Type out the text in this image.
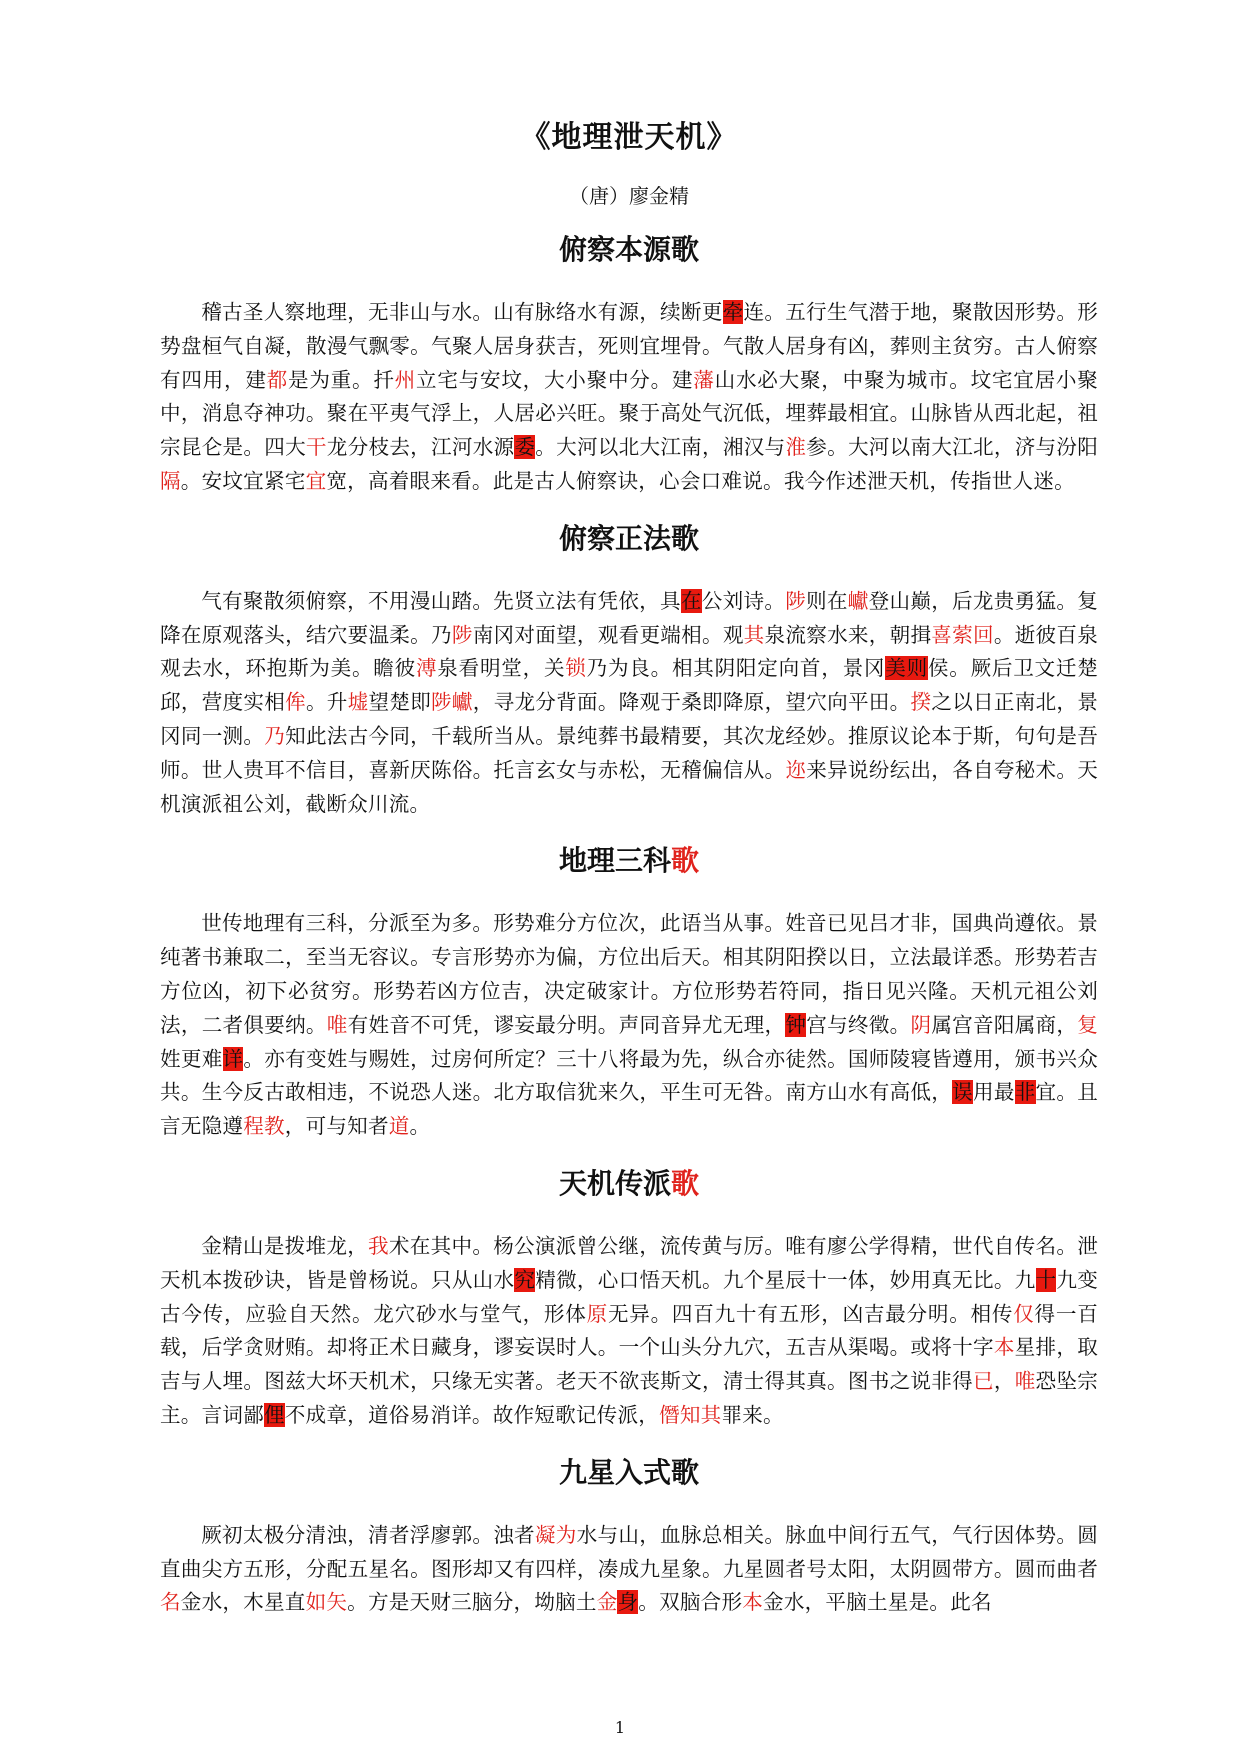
《地理泄天机》
（唐）廖金精
俯察本源歌

稽古圣人察地理，无非山与水。山有脉络水有源，续断更牵连。五行生气潜于地，聚散因形势。形势盘桓气自凝，散漫气飘零。气聚人居身获吉，死则宜埋骨。气散人居身有凶，葬则主贫穷。古人俯察有四用，建都是为重。扦州立宅与安坟，大小聚中分。建藩山水必大聚，中聚为城市。坟宅宜居小聚中，消息夺神功。聚在平夷气浮上，人居必兴旺。聚于高处气沉低，埋葬最相宜。山脉皆从西北起，祖宗昆仑是。四大干龙分枝去，江河水源委。大河以北大江南，湘汉与淮参。大河以南大江北，济与汾阳隔。安坟宜紧宅宜宽，高着眼来看。此是古人俯察诀，心会口难说。我今作述泄天机，传指世人迷。

俯察正法歌

气有聚散须俯察，不用漫山踏。先贤立法有凭依，具在公刘诗。陟则在巘登山巅，后龙贵勇猛。复降在原观落头，结穴要温柔。乃陟南冈对面望，观看更端相。观其泉流察水来，朝揖喜萦回。逝彼百泉观去水，环抱斯为美。瞻彼溥泉看明堂，关锁乃为良。相其阴阳定向首，景冈美则侯。厥后卫文迁楚邱，营度实相侔。升墟望楚即陟巘，寻龙分背面。降观于桑即降原，望穴向平田。揆之以日正南北，景冈同一测。乃知此法古今同，千载所当从。景纯葬书最精要，其次龙经妙。推原议论本于斯，句句是吾师。世人贵耳不信目，喜新厌陈俗。托言玄女与赤松，无稽偏信从。迩来异说纷纭出，各自夸秘术。天机演派祖公刘，截断众川流。

地理三科歌

世传地理有三科，分派至为多。形势难分方位次，此语当从事。姓音已见吕才非，国典尚遵依。景纯著书兼取二，至当无容议。专言形势亦为偏，方位出后天。相其阴阳揆以日，立法最详悉。形势若吉方位凶，初下必贫穷。形势若凶方位吉，决定破家计。方位形势若符同，指日见兴隆。天机元祖公刘法，二者俱要纳。唯有姓音不可凭，谬妄最分明。声同音异尤无理，钟宫与终徵。阴属宫音阳属商，复姓更难详。亦有变姓与赐姓，过房何所定？三十八将最为先，纵合亦徒然。国师陵寝皆遵用，颁书兴众共。生今反古敢相违，不说恐人迷。北方取信犹来久，平生可无咎。南方山水有高低，误用最非宜。且言无隐遵程教，可与知者道。

天机传派歌

金精山是拨堆龙，我术在其中。杨公演派曾公继，流传黄与厉。唯有廖公学得精，世代自传名。泄天机本拨砂诀，皆是曾杨说。只从山水究精微，心口悟天机。九个星辰十一体，妙用真无比。九十九变古今传，应验自天然。龙穴砂水与堂气，形体原无异。四百九十有五形，凶吉最分明。相传仅得一百载，后学贪财贿。却将正术日藏身，谬妄误时人。一个山头分九穴，五吉从渠喝。或将十字本星排，取吉与人埋。图兹大坏天机术，只缘无实著。老天不欲丧斯文，清士得其真。图书之说非得已，唯恐坠宗主。言词鄙俚不成章，道俗易消详。故作短歌记传派，僭知其罪来。

九星入式歌

厥初太极分清浊，清者浮廖郭。浊者凝为水与山，血脉总相关。脉血中间行五气，气行因体势。圆直曲尖方五形，分配五星名。图形却又有四样，凑成九星象。九星圆者号太阳，太阴圆带方。圆而曲者名金水，木星直如矢。方是天财三脑分，坳脑土金身。双脑合形本金水，平脑土星是。此名

1
